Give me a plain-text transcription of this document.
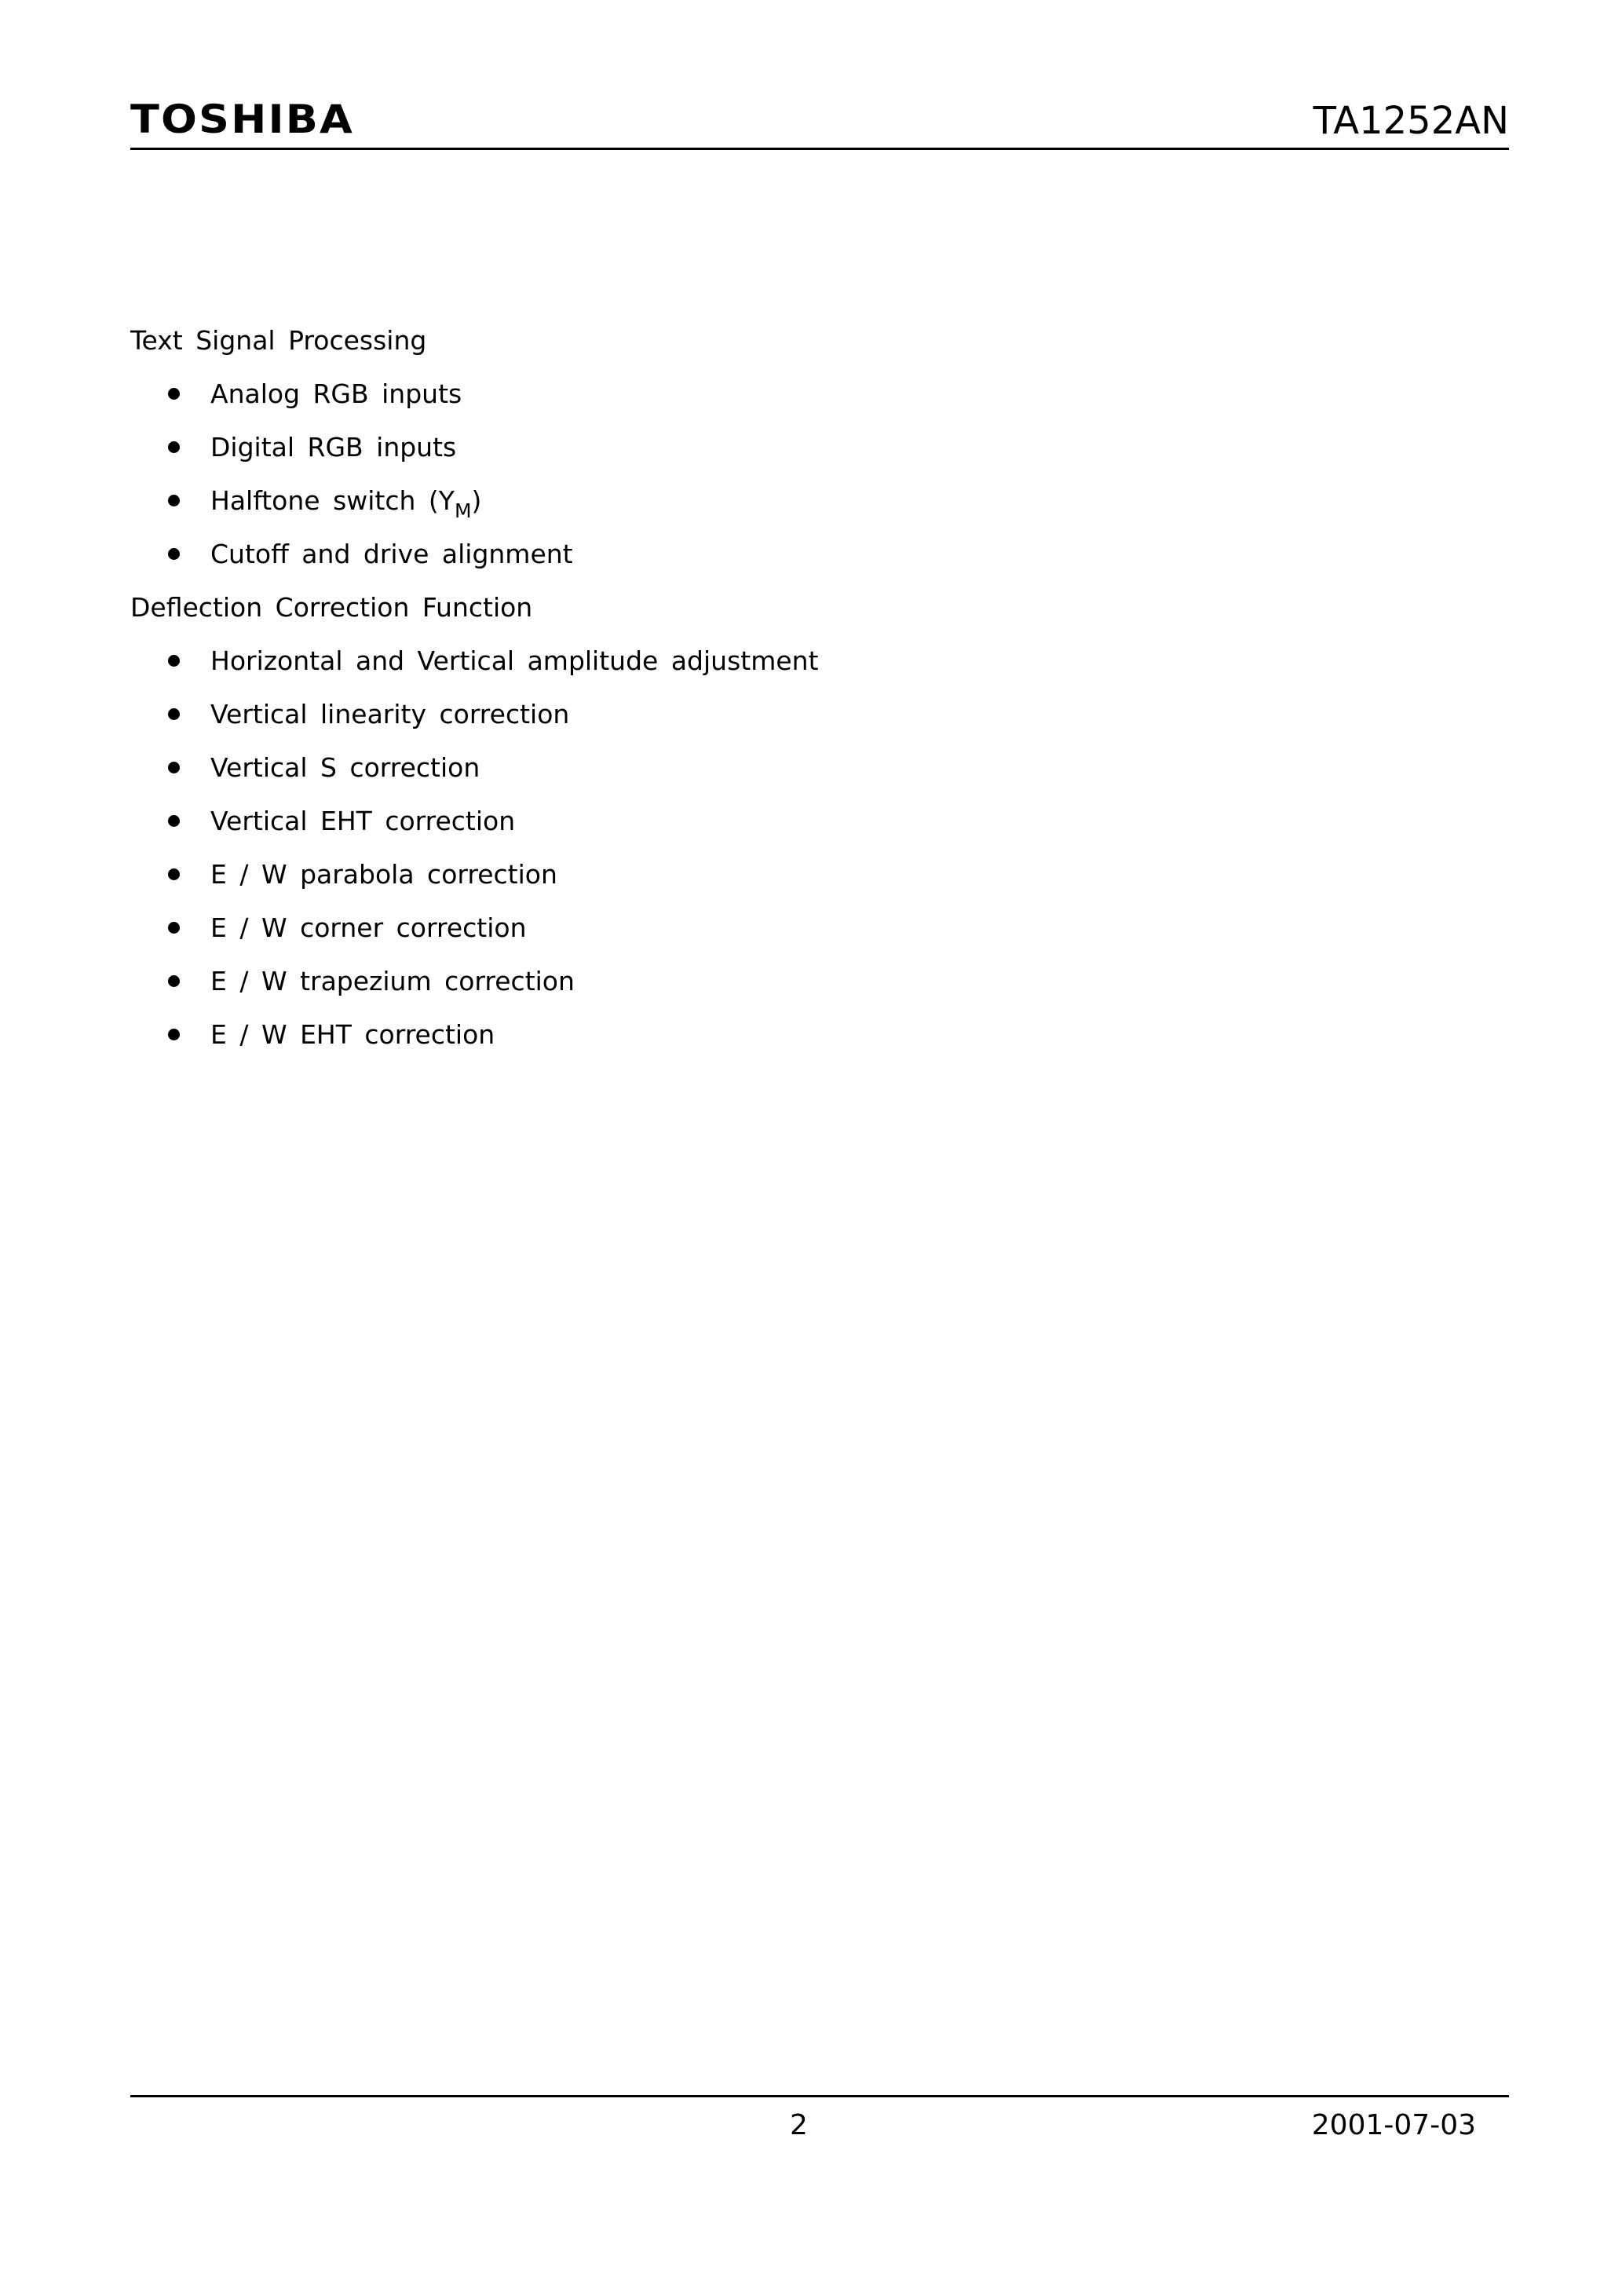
TOSHIBA	TA1252AN
Text Signal Processing
Analog RGB inputs
Digital RGB inputs
Halftone switch $(Y_M)$
Cutoff and drive alignment
Deflection Correction Function
Horizontal and Vertical amplitude adjustment
Vertical linearity correction
Vertical S correction
Vertical EHT correction
E / W parabola correction
E / W corner correction
E / W trapezium correction
E / W EHT correction
2	2001-07-03
